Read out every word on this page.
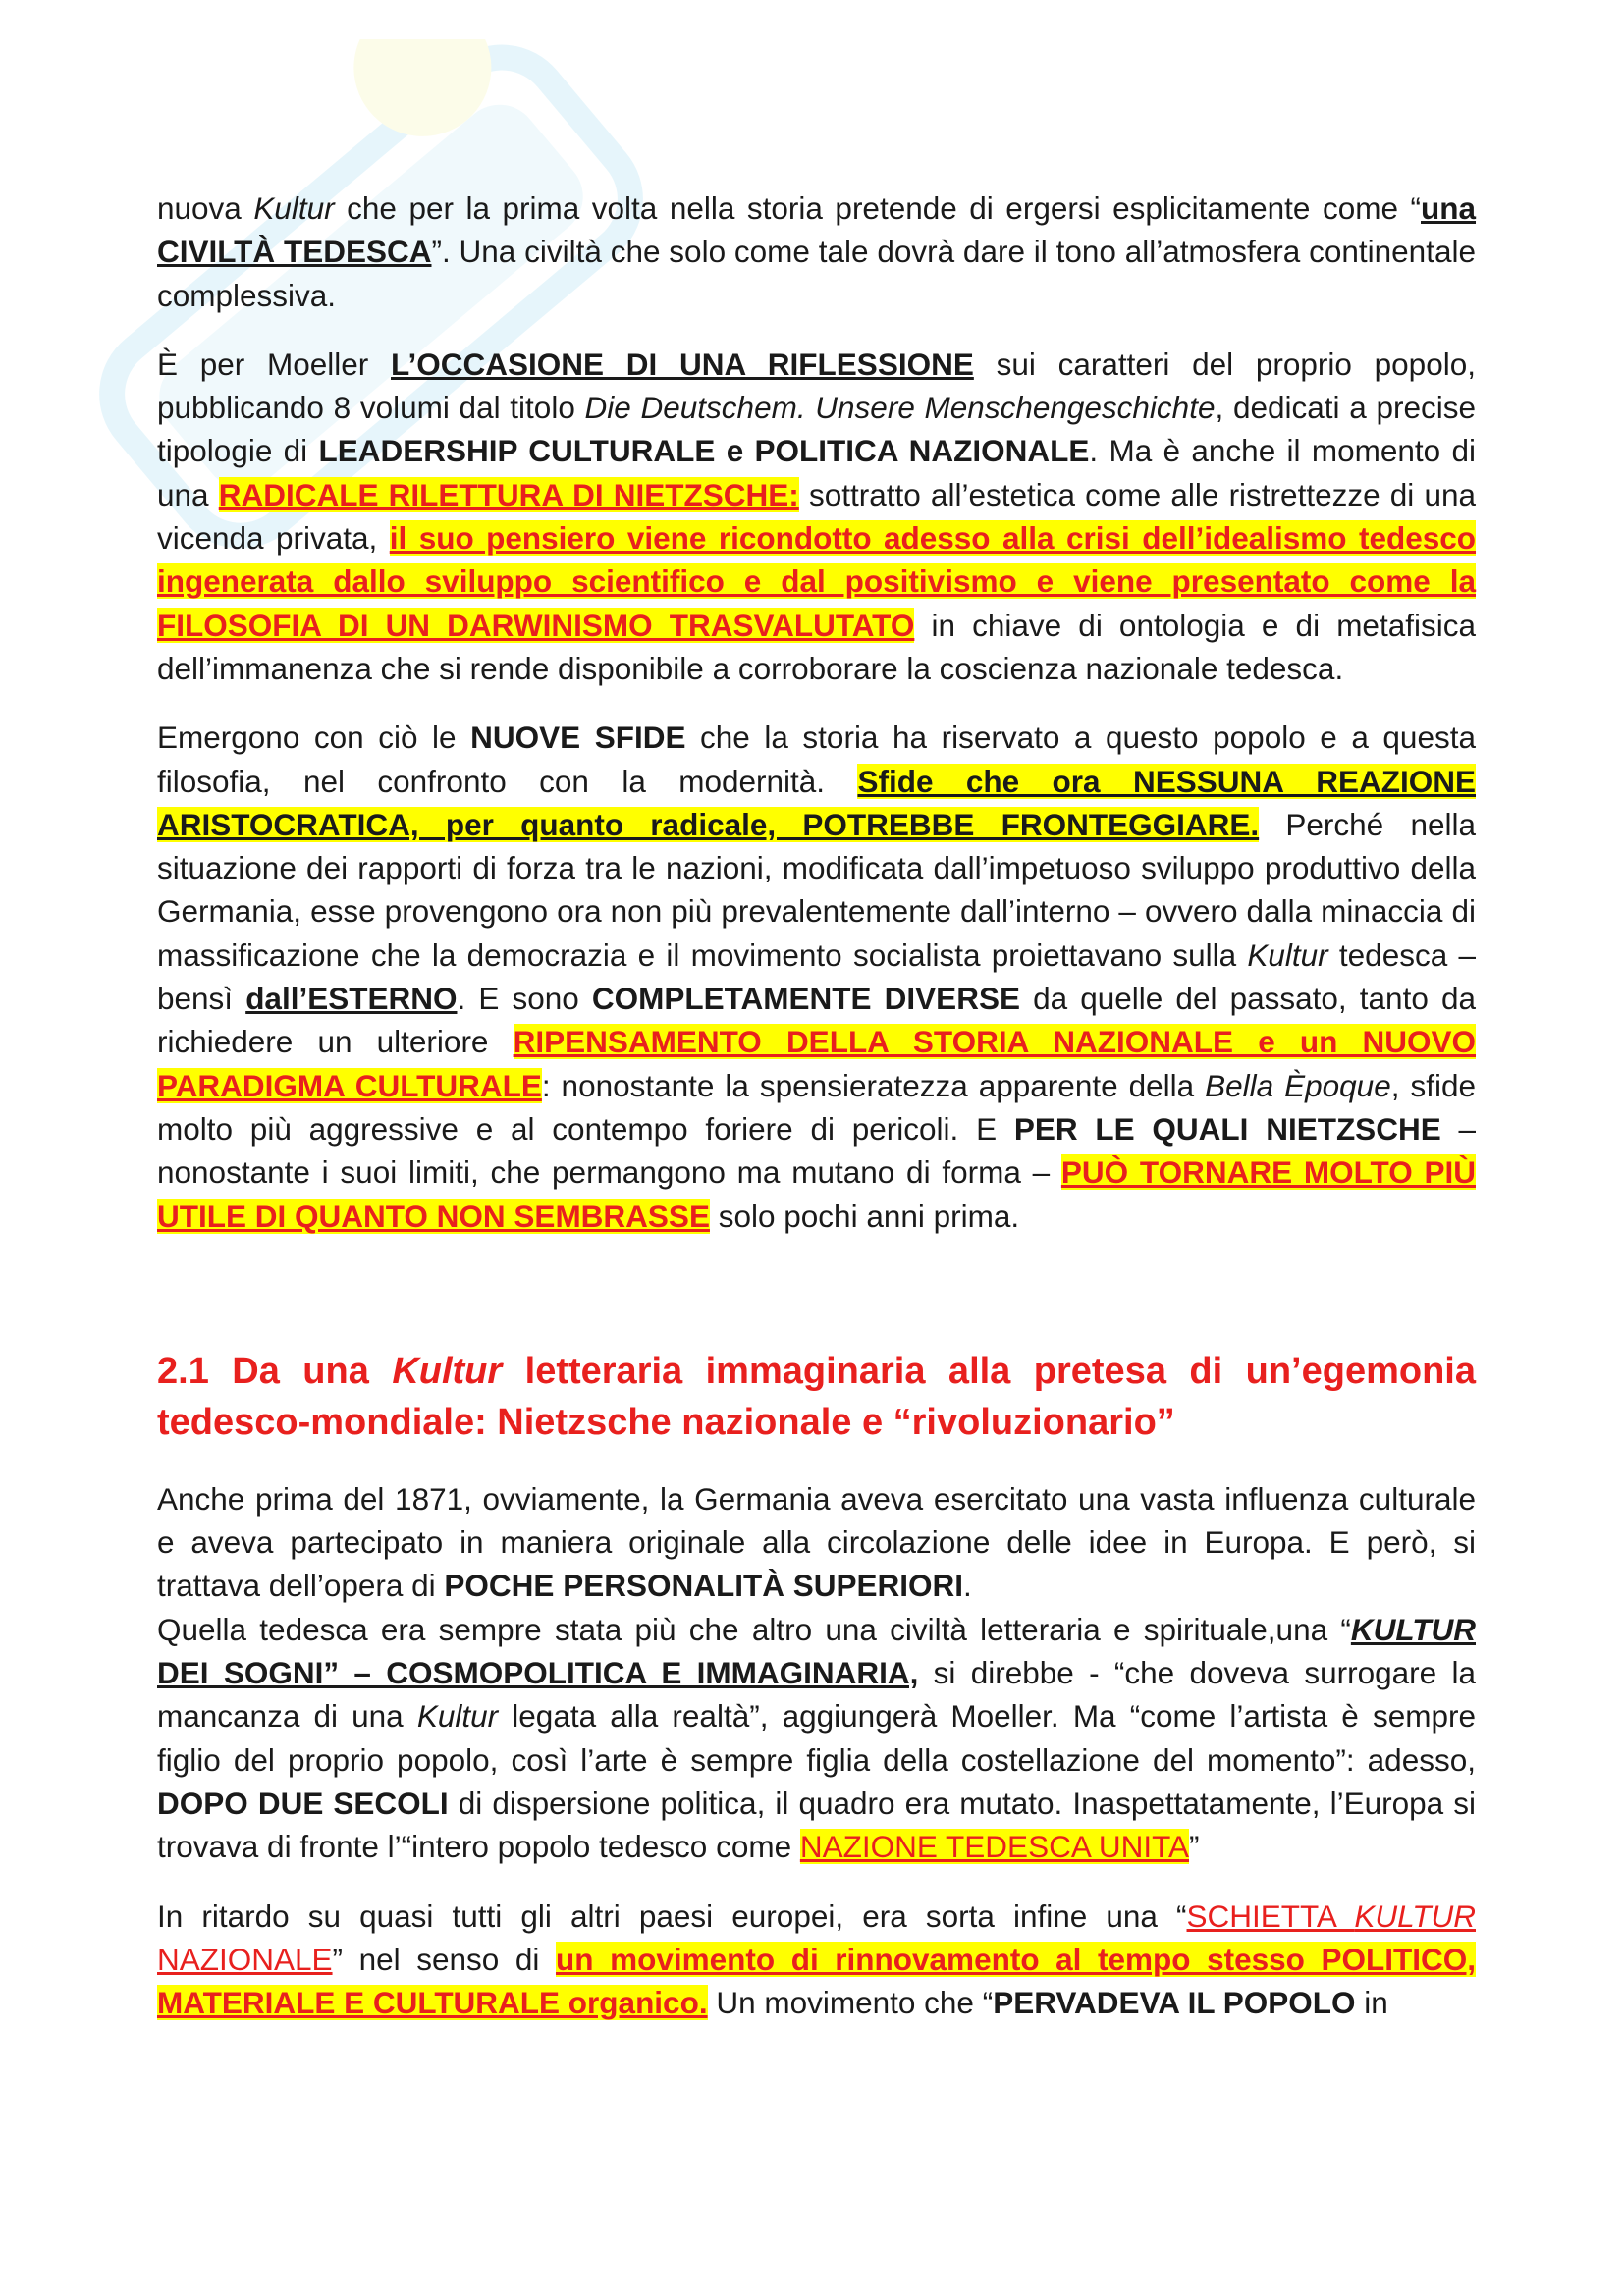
nuova Kultur che per la prima volta nella storia pretende di ergersi esplicitamente come “una CIVILTÀ TEDESCA”. Una civiltà che solo come tale dovrà dare il tono all’atmosfera continentale complessiva.

È per Moeller L’OCCASIONE DI UNA RIFLESSIONE sui caratteri del proprio popolo, pubblicando 8 volumi dal titolo Die Deutschem. Unsere Menschengeschichte, dedicati a precise tipologie di LEADERSHIP CULTURALE e POLITICA NAZIONALE. Ma è anche il momento di una RADICALE RILETTURA DI NIETZSCHE: sottratto all’estetica come alle ristrettezze di una vicenda privata, il suo pensiero viene ricondotto adesso alla crisi dell’idealismo tedesco ingenerata dallo sviluppo scientifico e dal positivismo e viene presentato come la FILOSOFIA DI UN DARWINISMO TRASVALUTATO in chiave di ontologia e di metafisica dell’immanenza che si rende disponibile a corroborare la coscienza nazionale tedesca.

Emergono con ciò le NUOVE SFIDE che la storia ha riservato a questo popolo e a questa filosofia, nel confronto con la modernità. Sfide che ora NESSUNA REAZIONE ARISTOCRATICA, per quanto radicale, POTREBBE FRONTEGGIARE. Perché nella situazione dei rapporti di forza tra le nazioni, modificata dall’impetuoso sviluppo produttivo della Germania, esse provengono ora non più prevalentemente dall’interno – ovvero dalla minaccia di massificazione che la democrazia e il movimento socialista proiettavano sulla Kultur tedesca – bensì dall’ESTERNO. E sono COMPLETAMENTE DIVERSE da quelle del passato, tanto da richiedere un ulteriore RIPENSAMENTO DELLA STORIA NAZIONALE e un NUOVO PARADIGMA CULTURALE: nonostante la spensieratezza apparente della Bella Èpoque, sfide molto più aggressive e al contempo foriere di pericoli. E PER LE QUALI NIETZSCHE – nonostante i suoi limiti, che permangono ma mutano di forma – PUÒ TORNARE MOLTO PIÙ UTILE DI QUANTO NON SEMBRASSE solo pochi anni prima.

2.1 Da una Kultur letteraria immaginaria alla pretesa di un’egemonia tedesco-mondiale: Nietzsche nazionale e “rivoluzionario”

Anche prima del 1871, ovviamente, la Germania aveva esercitato una vasta influenza culturale e aveva partecipato in maniera originale alla circolazione delle idee in Europa. E però, si trattava dell’opera di POCHE PERSONALITÀ SUPERIORI.

Quella tedesca era sempre stata più che altro una civiltà letteraria e spirituale,una “KULTUR DEI SOGNI” – COSMOPOLITICA E IMMAGINARIA, si direbbe - “che doveva surrogare la mancanza di una Kultur legata alla realtà”, aggiungerà Moeller. Ma “come l’artista è sempre figlio del proprio popolo, così l’arte è sempre figlia della costellazione del momento”: adesso, DOPO DUE SECOLI di dispersione politica, il quadro era mutato. Inaspettatamente, l’Europa si trovava di fronte l’“intero popolo tedesco come NAZIONE TEDESCA UNITA”

In ritardo su quasi tutti gli altri paesi europei, era sorta infine una “SCHIETTA KULTUR NAZIONALE” nel senso di un movimento di rinnovamento al tempo stesso POLITICO, MATERIALE E CULTURALE organico. Un movimento che “PERVADEVA IL POPOLO in
